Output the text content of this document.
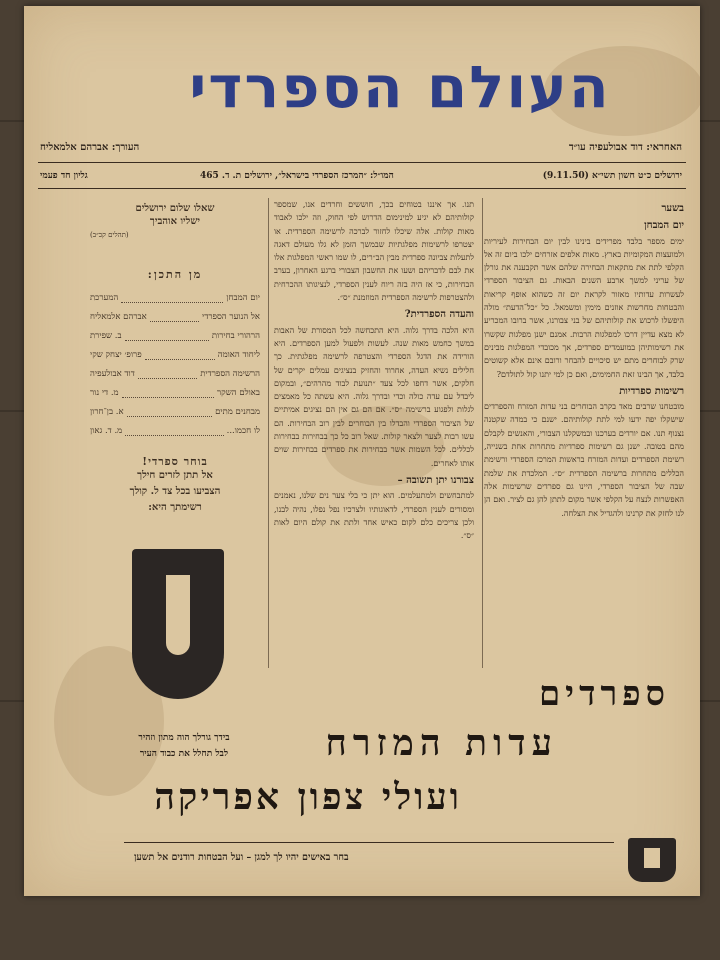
העולם הספרדי
האחראי: דוד אבולעפיה עו״ד
העורך: אברהם אלמאליח
ירושלים כ״ט חשון תשי״א (9.11.50)
המו״ל: ״המרכז הספרדי בישראל״, ירושלים ת. ד. 465
גליון חד פעמי
בשער
יום המבחן

ימים מספר בלבד מפרידים בינינו לבין יום הבחירות לעיריות ולמועצות המקומיות בארץ. מאות אלפים אזרחים ילכו ביום זה אל הקלפי לתת את מתקאות הבחירה שלהם אשר תקבענה את גורלן של עריני למשך ארבע השנים הבאות. גם הציבור הספרדי לעשרות עדותיו מאזור לקראת יום זה כשהוא אופף קריאות והבטחות מחרשות אוזנים מימין ומשמאל. כל ״כל־הדעת״ מולה היפשלו לרכוש את קולותיהם של בני צבורנו, אשר ברובו המכריע לא מצא עדיין דרכו למפלגות הרבות. אמנם ישנן מפלגות שקשרו את רשימותיהן במועמדים ספרדים, אך מכובדי המפלגות מבינים שרק לבוחרים מתם יש סיכויים להבחר ורובם אינם אלא קשוטים בלבד, אך הבינו זאת החמימים, ואם כן למי יתנו קול לתולדם?

רשימות ספרדיות

מובטחנו שרבים מאד בקרב הבוחרים בני עדות המזרח והספרדים שישקלו יפה ידעו למי לתת קולותיהם. ישנם כי במדה שקטנה נצנוף תנו. אם יורדים בערכנו ובמשקלנו הצבורי, והאנשים לקבלם מהם בטובה. ישנן גם רשימות ספרדיות מתחרות אחת בשנייה, רשימת הספרדים ועדות המזרח בראשות המרכז הספרדי ורשימת הכללים מתחרות ברשימה הספרדית ״ס״. המלכדת את שלמת שבה של הציבור הספרדי, היינו גם ספרדים שרשימות אלה האפשרות לנצח על הקלפי אשר מקום לתתן להן גם לציר. ואם הן לנו לחזק את קרנינו ולהגדיל את הצלחה.

תנו. אך איננו בטוחים בכך, חוששים וחרדים אנו, שמספר קולותיהם לא יגיע למינימום הדרוש לפי החוק, וזה ילכו לאבוד מאות קולות. אלה שיכלו לחזור לברכה לרשימה הספרדית. או יצטרפו לרשימות מפלגתיות שבמשך הזמן לא גלו מעולם דאגה לתעלות צביונה ספרדית מבין הב״רים, לו שמו ראשי המפלגות אלו את לבם לדבריהם ושעו את החשבון הצבורי ברגע האחרון, בערב הבחירות, כי אז היה בזה ריוח לענין הספרדי, לנציגותו ההכרחית ולהצטרפות לרשימה הספרדית המוזמנת ״ס״.

והעדה הספרדית?

היא הלכה בדרך גלוה. היא התכחשה לכל המסורת של האבות במשך כחמש מאות שנה. לעשות ולפעול למען הספרדים. היא הורידה את הדגל הספרדי והצטרפה לרשימה מפלגתית. כך חלילים נשיא העדה, אחרוד והחזיק בנציגים עמלים יקרים של חלקים, אשר דחפו לכל צעד ״תנועת לבוד מהרהים״, ובמקום ליבדל עם עדה כולה וכדי ובדרך גלוה. היא עשתה כל מאמצים לגלות ולפגוע ברשימה ״ס״. אם הם גם אין הם נציגים אמיתיים של הציבור הספרדי והבדלו בין הבוחרים לבין רוב הבחירות. הם עשו רבות לצער ולצאר קולות. שאל רוב כל כך בבחירות בבחירות לכללים. לכל השמות אשר בבחירות את ספרדים בבחירות שוים אותו לאחרים.

צבורנו יתן תשובה –

למתבחשים ולמתעלמים. הוא יתן כי בלי צער נים שלנו, נאמנים ומסורים לענין הספרדי, לדאוגותיו ולצרכיו נפל נפלו, נהיה לבנו, ולכן צריכים כלם לקום כאיש אחד ולתת את קולם היום לאות ״ס״.

שאלו שלום ירושלים
ישליו אוהביך
(תהלים קכ״ב)
מן התכן:
יום המבחן
המערכת
אל הנוער הספרדי
אברהם אלמאליח
הרהורי בחירות
ב. שפירת
ליחוד האומה
פרופ׳ יצחק שקי
הרשימה הספרדית
דוד אבולעפיה
באולם השקר
מ. די נור
מבחנים מתים
א. בן־חרון
לו חכמו...
מ. ד. גאון
בוחר ספרדי!
אל תתן לזרים חילך
הצביעו בכל צד ל. קולך
רשימתך היא:
ספרדים
עדות המזרח
ועולי צפון אפריקה
בידך גורלך הוה מתון וזהיר
לבל תחלל את כבוד העיר
בחר באישים יהיו לך למגן – ועל הבטחות רודנים אל תשען
